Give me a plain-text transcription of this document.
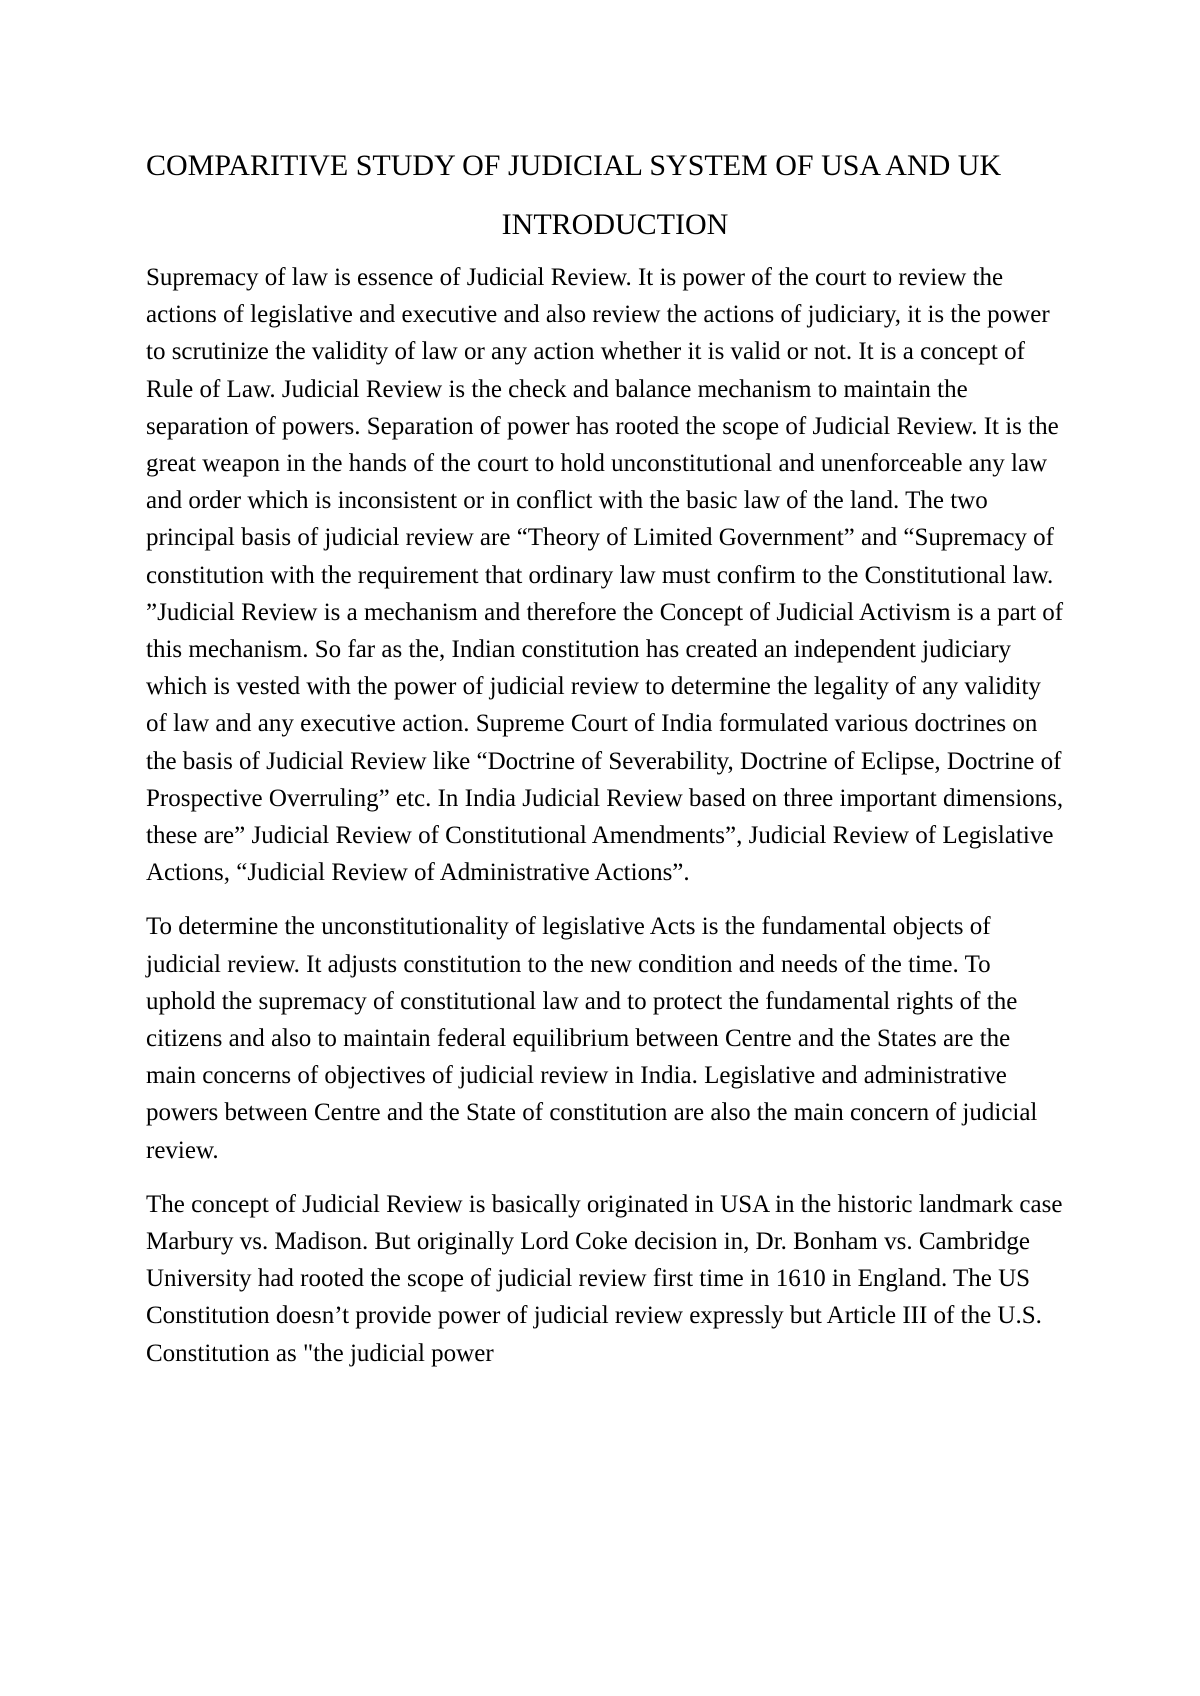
COMPARITIVE STUDY OF JUDICIAL SYSTEM OF USA AND UK
INTRODUCTION

Supremacy of law is essence of Judicial Review. It is power of the court to review the actions of legislative and executive and also review the actions of judiciary, it is the power to scrutinize the validity of law or any action whether it is valid or not. It is a concept of Rule of Law. Judicial Review is the check and balance mechanism to maintain the separation of powers. Separation of power has rooted the scope of Judicial Review. It is the great weapon in the hands of the court to hold unconstitutional and unenforceable any law and order which is inconsistent or in conflict with the basic law of the land. The two principal basis of judicial review are “Theory of Limited Government” and “Supremacy of constitution with the requirement that ordinary law must confirm to the Constitutional law. ”Judicial Review is a mechanism and therefore the Concept of Judicial Activism is a part of this mechanism. So far as the, Indian constitution has created an independent judiciary which is vested with the power of judicial review to determine the legality of any validity of law and any executive action. Supreme Court of India formulated various doctrines on the basis of Judicial Review like “Doctrine of Severability, Doctrine of Eclipse, Doctrine of Prospective Overruling” etc. In India Judicial Review based on three important dimensions, these are” Judicial Review of Constitutional Amendments”, Judicial Review of Legislative Actions, “Judicial Review of Administrative Actions”.

To determine the unconstitutionality of legislative Acts is the fundamental objects of judicial review. It adjusts constitution to the new condition and needs of the time. To uphold the supremacy of constitutional law and to protect the fundamental rights of the citizens and also to maintain federal equilibrium between Centre and the States are the main concerns of objectives of judicial review in India. Legislative and administrative powers between Centre and the State of constitution are also the main concern of judicial review.

The concept of Judicial Review is basically originated in USA in the historic landmark case Marbury vs. Madison. But originally Lord Coke decision in, Dr. Bonham vs. Cambridge University had rooted the scope of judicial review first time in 1610 in England. The US Constitution doesn’t provide power of judicial review expressly but Article III of the U.S. Constitution as "the judicial power
